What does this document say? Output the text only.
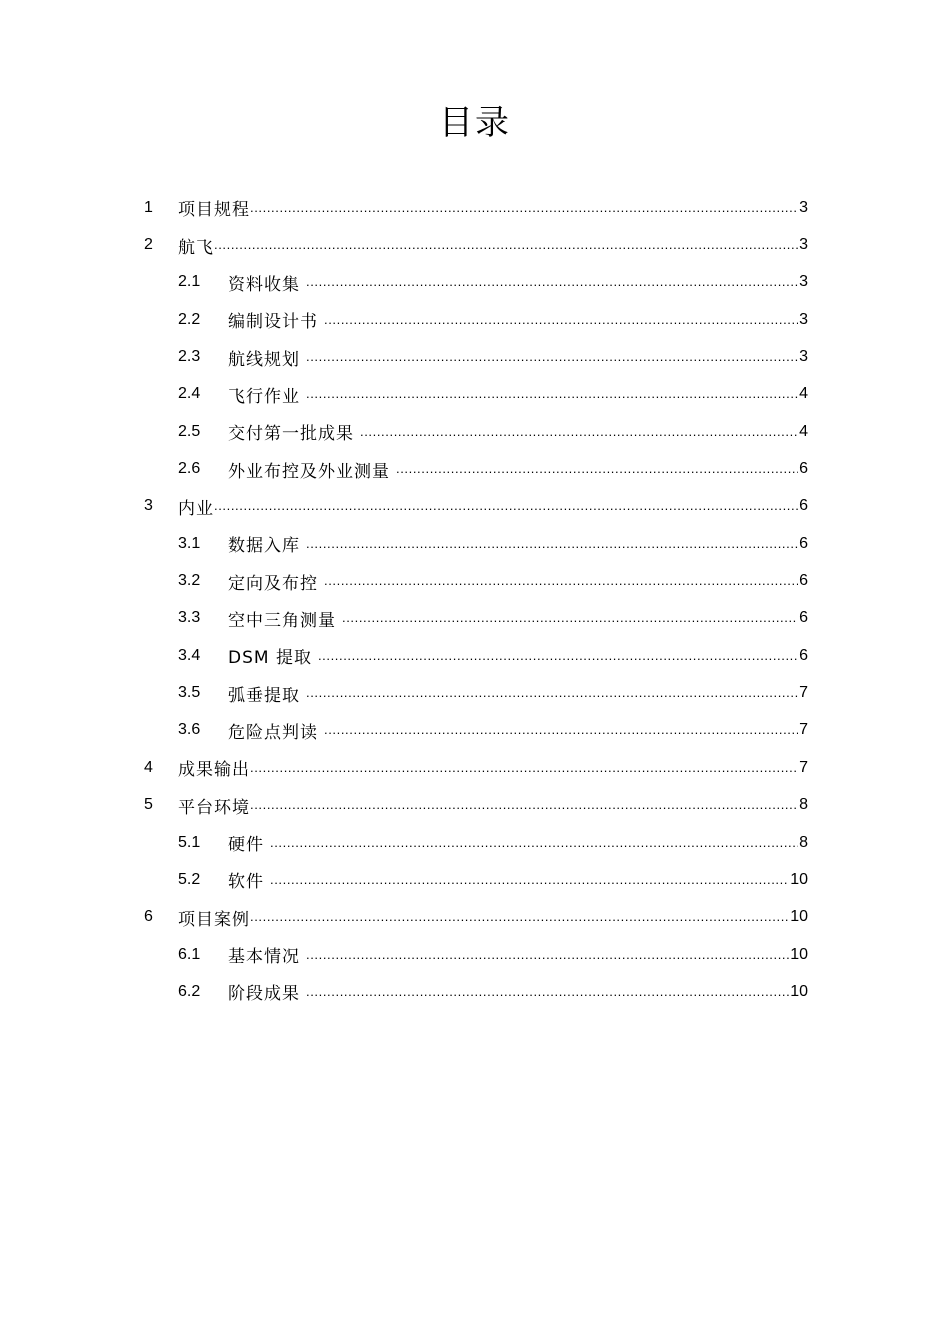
目录
1	项目规程 .....	3
2	航飞 .....	3
2.1	资料收集 .....	3
2.2	编制设计书 .....	3
2.3	航线规划 .....	3
2.4	飞行作业 .....	4
2.5	交付第一批成果 .....	4
2.6	外业布控及外业测量 .....	6
3	内业 .....	6
3.1	数据入库 .....	6
3.2	定向及布控 .....	6
3.3	空中三角测量 .....	6
3.4	DSM 提取 .....	6
3.5	弧垂提取 .....	7
3.6	危险点判读 .....	7
4	成果输出 .....	7
5	平台环境 .....	8
5.1	硬件 .....	8
5.2	软件 .....	10
6	项目案例 .....	10
6.1	基本情况 .....	10
6.2	阶段成果 .....	10
